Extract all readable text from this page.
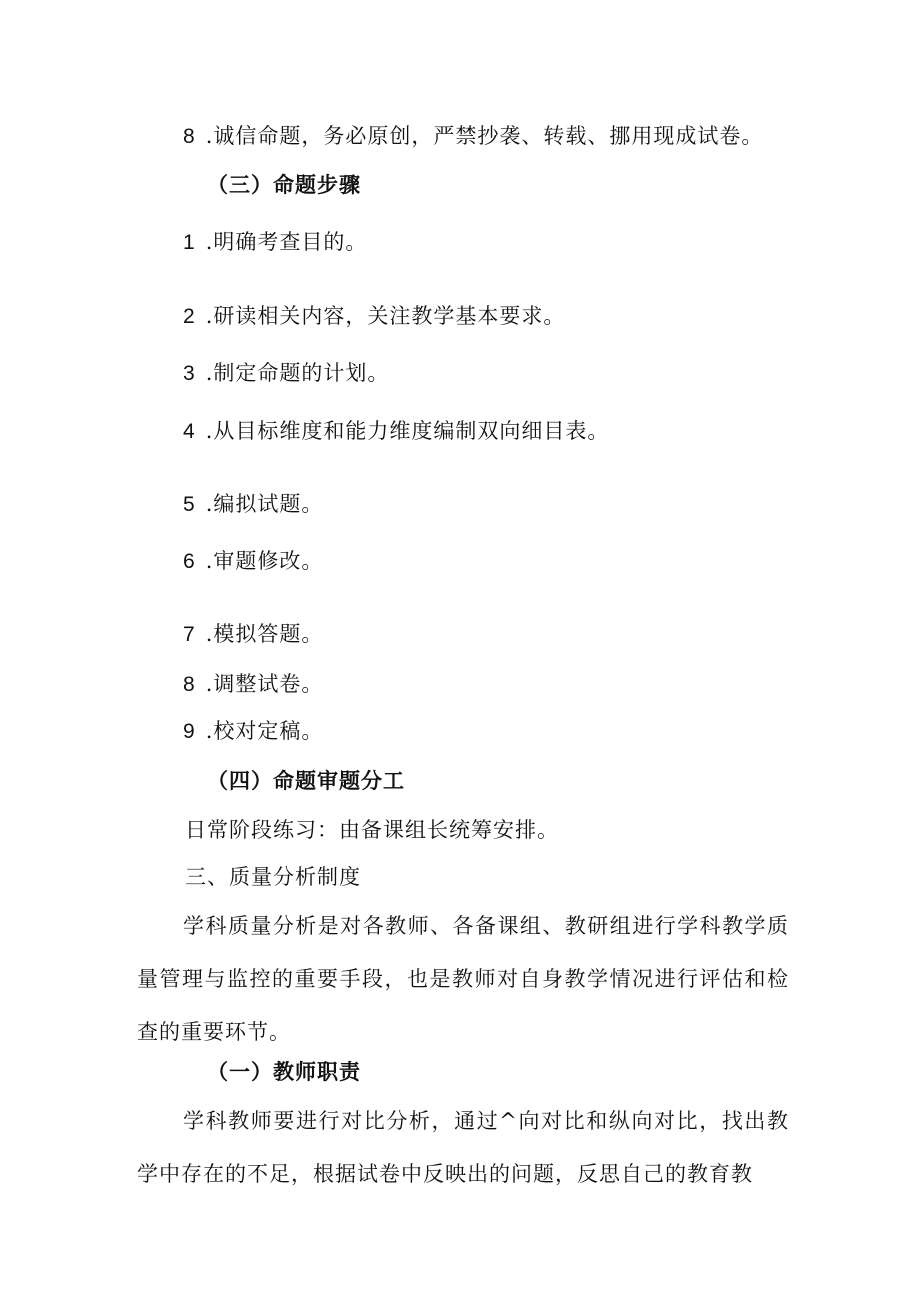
8 .诚信命题，务必原创，严禁抄袭、转载、挪用现成试卷。
（三）命题步骤
1 .明确考查目的。
2 .研读相关内容，关注教学基本要求。
3 .制定命题的计划。
4 .从目标维度和能力维度编制双向细目表。
5 .编拟试题。
6 .审题修改。
7 .模拟答题。
8 .调整试卷。
9 .校对定稿。
（四）命题审题分工
日常阶段练习：由备课组长统筹安排。
三、质量分析制度
学科质量分析是对各教师、各备课组、教研组进行学科教学质量管理与监控的重要手段，也是教师对自身教学情况进行评估和检查的重要环节。
（一）教师职责
学科教师要进行对比分析，通过^向对比和纵向对比，找出教学中存在的不足，根据试卷中反映出的问题，反思自己的教育教
